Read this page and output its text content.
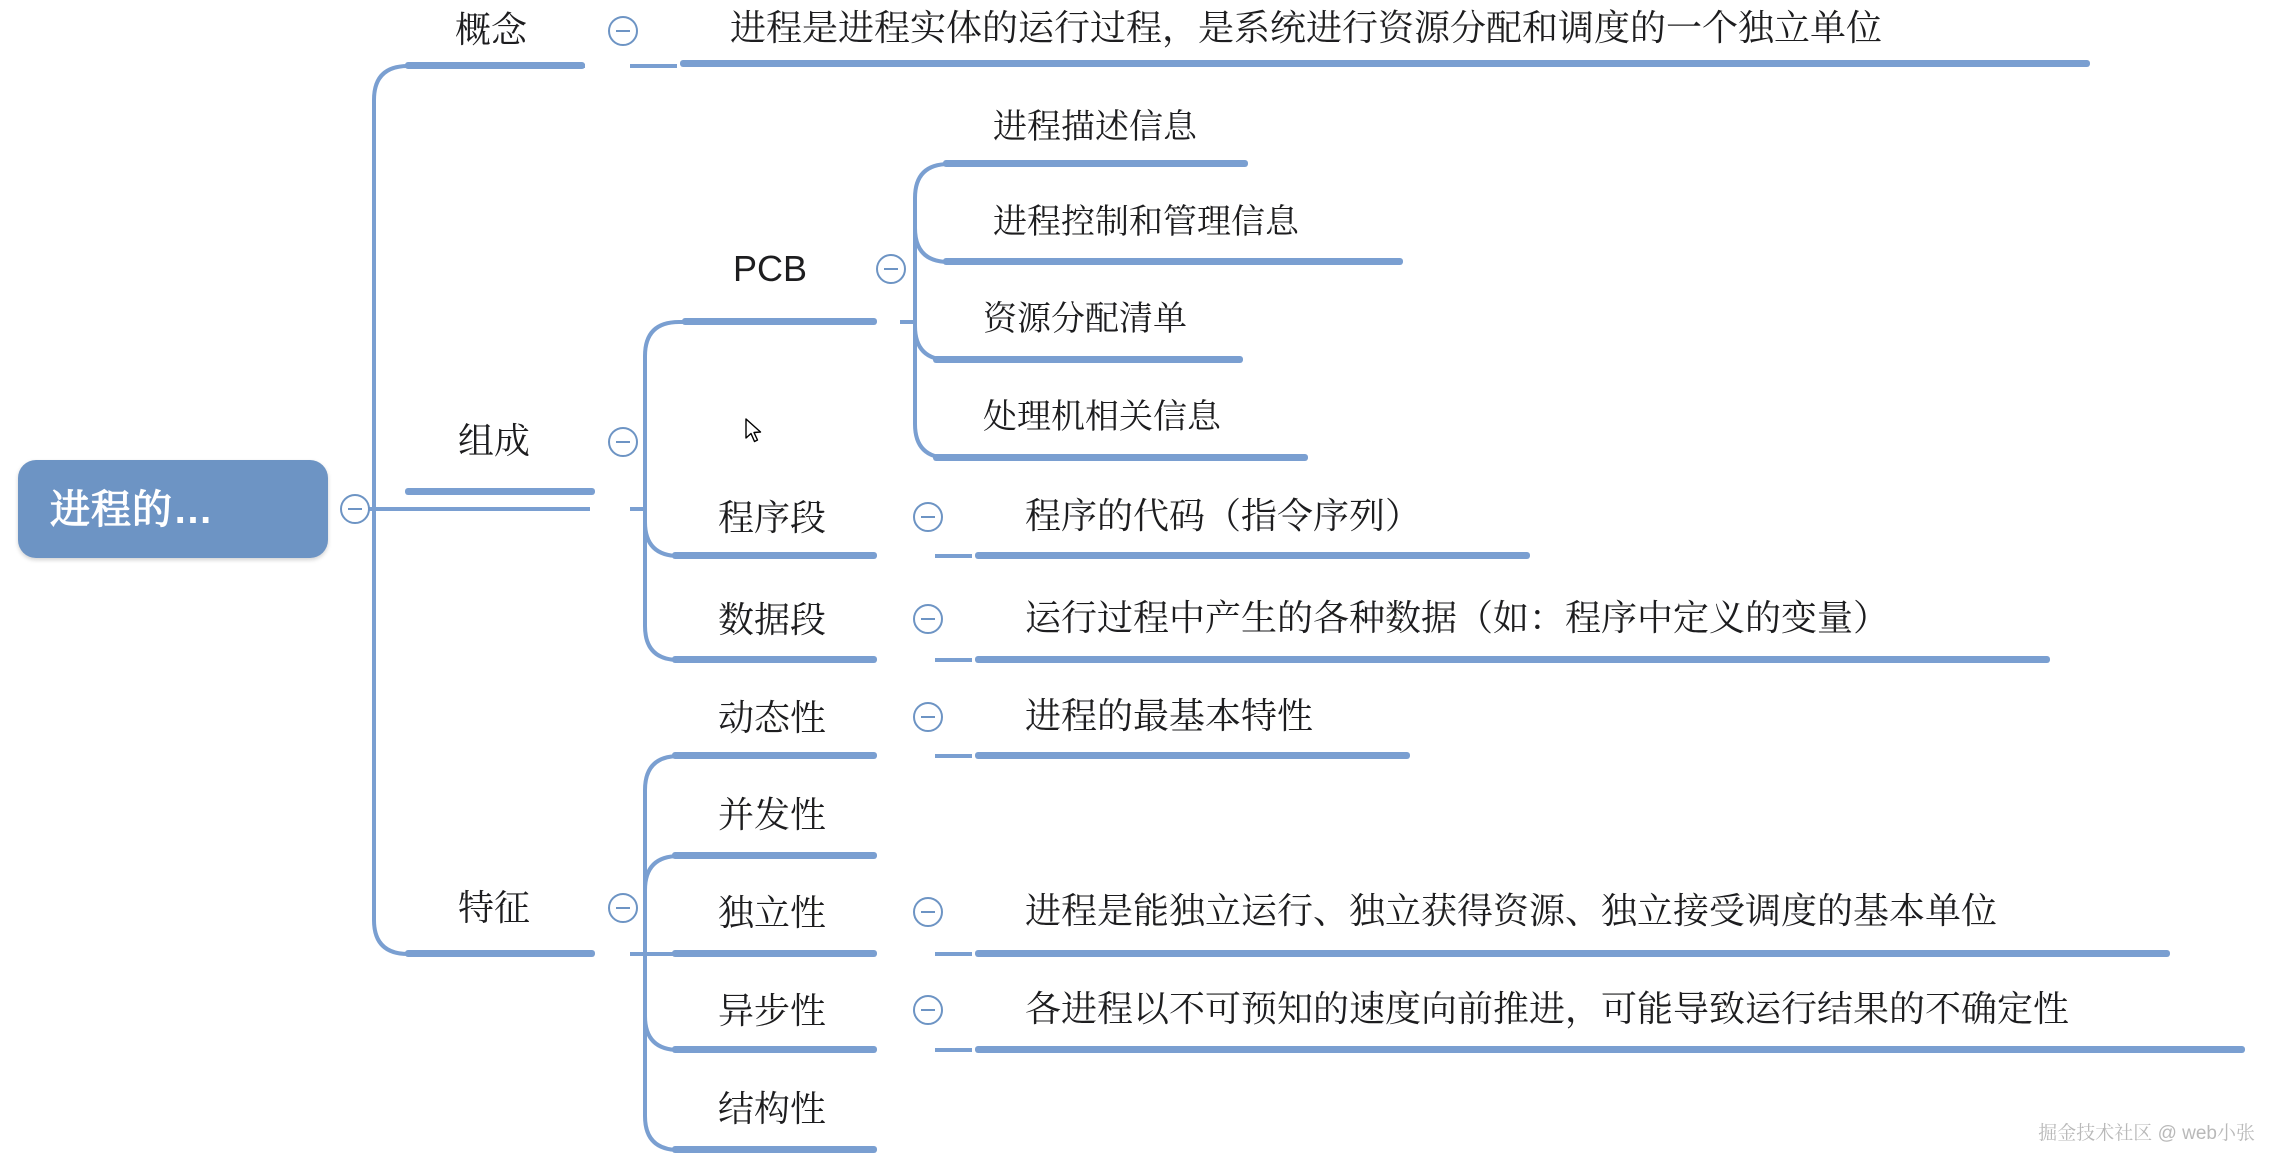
进程的…
概念	进程是进程实体的运行过程，是系统进行资源分配和调度的一个独立单位
组成
PCB
进程描述信息
进程控制和管理信息
资源分配清单
处理机相关信息
程序段	程序的代码（指令序列）
数据段	运行过程中产生的各种数据（如：程序中定义的变量）
特征
动态性	进程的最基本特性
并发性
独立性	进程是能独立运行、独立获得资源、独立接受调度的基本单位
异步性	各进程以不可预知的速度向前推进，可能导致运行结果的不确定性
结构性
掘金技术社区 @ web小张
